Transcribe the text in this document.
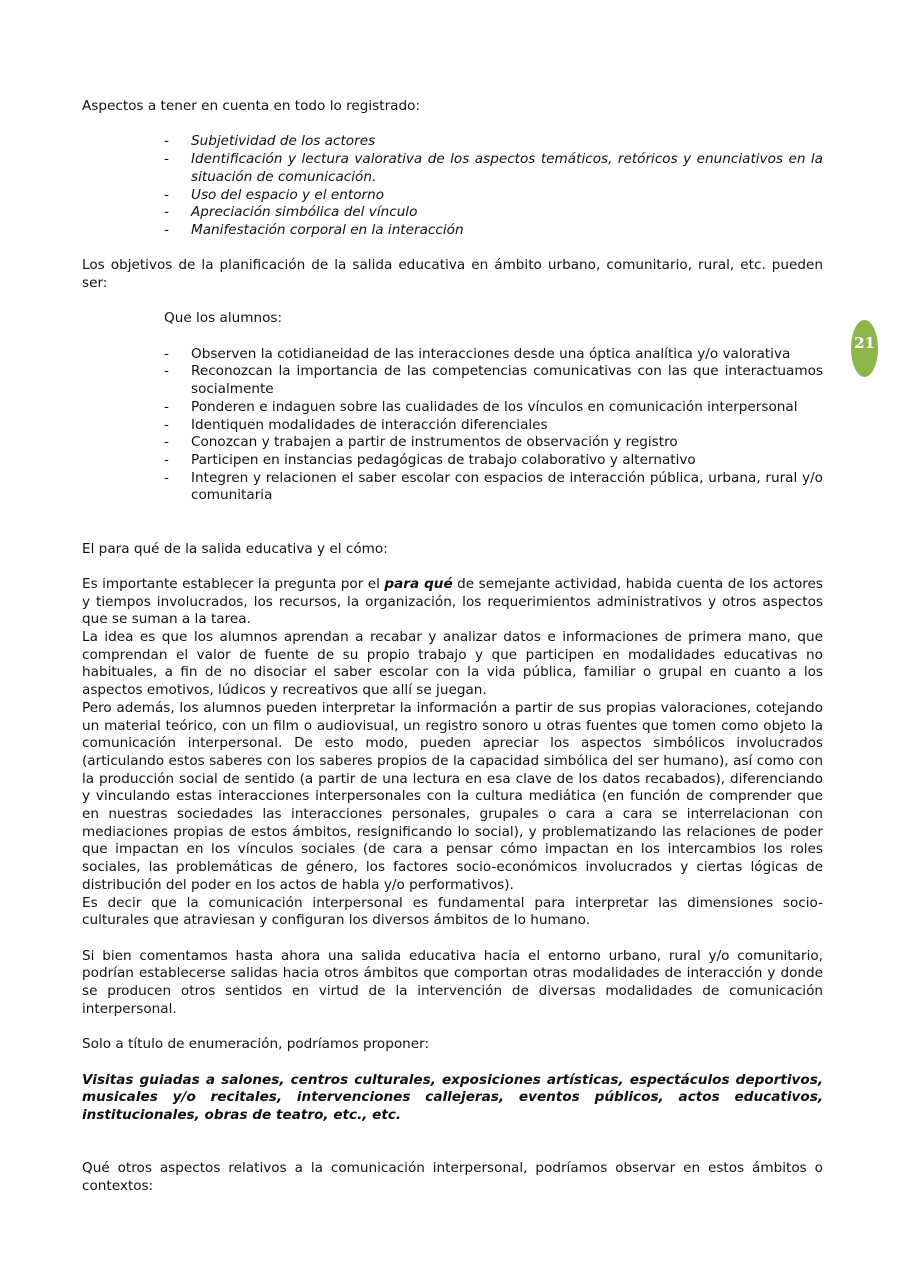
21

Aspectos a tener en cuenta en todo lo registrado:

- Subjetividad de los actores
- Identificación y lectura valorativa de los aspectos temáticos, retóricos y enunciativos en la situación de comunicación.
- Uso del espacio y el entorno
- Apreciación simbólica del vínculo
- Manifestación corporal en la interacción

Los objetivos de la planificación de la salida educativa en ámbito urbano, comunitario, rural, etc. pueden ser:

Que los alumnos:

- Observen la cotidianeidad de las interacciones desde una óptica analítica y/o valorativa
- Reconozcan la importancia de las competencias comunicativas con las que interactuamos socialmente
- Ponderen e indaguen sobre las cualidades de los vínculos en comunicación interpersonal
- Identiquen modalidades de interacción diferenciales
- Conozcan y trabajen a partir de instrumentos de observación y registro
- Participen en instancias pedagógicas de trabajo colaborativo y alternativo
- Integren y relacionen el saber escolar con espacios de interacción pública, urbana, rural y/o comunitaria

El para qué de la salida educativa y el cómo:

Es importante establecer la pregunta por el para qué de semejante actividad, habida cuenta de los actores y tiempos involucrados, los recursos, la organización, los requerimientos administrativos y otros aspectos que se suman a la tarea.

La idea es que los alumnos aprendan a recabar y analizar datos e informaciones de primera mano, que comprendan el valor de fuente de su propio trabajo y que participen en modalidades educativas no habituales, a fin de no disociar el saber escolar con la vida pública, familiar o grupal en cuanto a los aspectos emotivos, lúdicos y recreativos que allí se juegan.

Pero además, los alumnos pueden interpretar la información a partir de sus propias valoraciones, cotejando un material teórico, con un film o audiovisual, un registro sonoro u otras fuentes que tomen como objeto la comunicación interpersonal. De esto modo, pueden apreciar los aspectos simbólicos involucrados (articulando estos saberes con los saberes propios de la capacidad simbólica del ser humano), así como con la producción social de sentido (a partir de una lectura en esa clave de los datos recabados), diferenciando y vinculando estas interacciones interpersonales con la cultura mediática (en función de comprender que en nuestras sociedades las interacciones personales, grupales o cara a cara se interrelacionan con mediaciones propias de estos ámbitos, resignificando lo social), y problematizando las relaciones de poder que impactan en los vínculos sociales (de cara a pensar cómo impactan en los intercambios los roles sociales, las problemáticas de género, los factores socio-económicos involucrados y ciertas lógicas de distribución del poder en los actos de habla y/o performativos).

Es decir que la comunicación interpersonal es fundamental para interpretar las dimensiones socio-culturales que atraviesan y configuran los diversos ámbitos de lo humano.

Si bien comentamos hasta ahora una salida educativa hacia el entorno urbano, rural y/o comunitario, podrían establecerse salidas hacia otros ámbitos que comportan otras modalidades de interacción y donde se producen otros sentidos en virtud de la intervención de diversas modalidades de comunicación interpersonal.

Solo a título de enumeración, podríamos proponer:

Visitas guiadas a salones, centros culturales, exposiciones artísticas, espectáculos deportivos, musicales y/o recitales, intervenciones callejeras, eventos públicos, actos educativos, institucionales, obras de teatro, etc., etc.

Qué otros aspectos relativos a la comunicación interpersonal, podríamos observar en estos ámbitos o contextos:
